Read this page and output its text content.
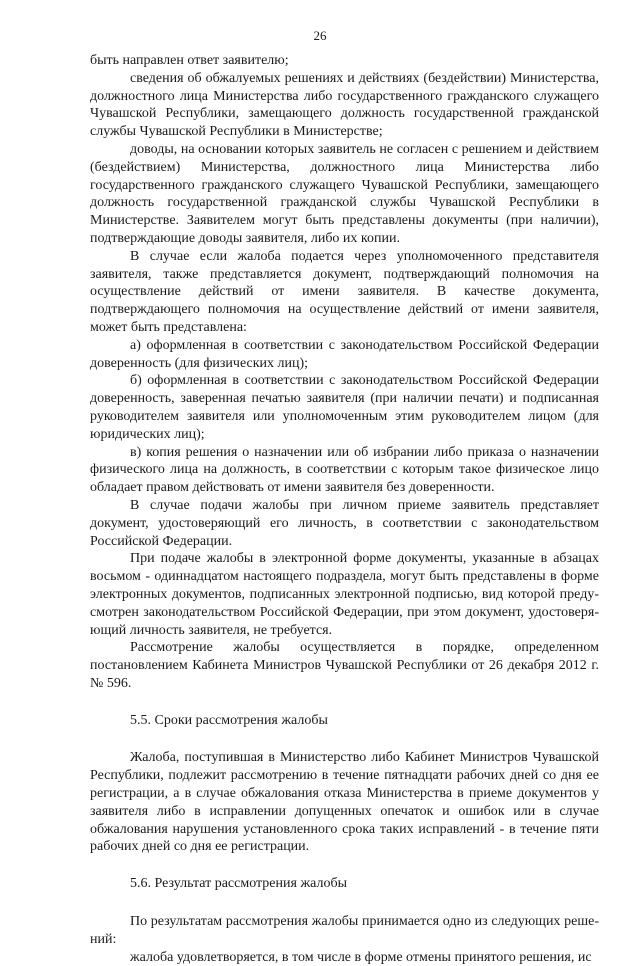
26

быть направлен ответ заявителю;

сведения об обжалуемых решениях и действиях (бездействии) Министерства, должностного лица Министерства либо государственного гражданского служащего Чувашской Республики, замещающего должность государственной гражданской службы Чувашской Республики в Министерстве;

доводы, на основании которых заявитель не согласен с решением и действием (бездействием) Министерства, должностного лица Министерства либо государственного гражданского служащего Чувашской Республики, замещающего должность государственной гражданской службы Чувашской Республики в Министерстве. Заявителем могут быть представлены документы (при наличии), подтверждающие доводы заявителя, либо их копии.

В случае если жалоба подается через уполномоченного представителя заявителя, также представляется документ, подтверждающий полномочия на осуществление действий от имени заявителя. В качестве документа, подтверждающего полномочия на осуществление действий от имени заявителя, может быть представлена:

а) оформленная в соответствии с законодательством Российской Федерации доверенность (для физических лиц);

б) оформленная в соответствии с законодательством Российской Федерации доверенность, заверенная печатью заявителя (при наличии печати) и подписанная руководителем заявителя или уполномоченным этим руководителем лицом (для юридических лиц);

в) копия решения о назначении или об избрании либо приказа о назначении физического лица на должность, в соответствии с которым такое физическое лицо обладает правом действовать от имени заявителя без доверенности.

В случае подачи жалобы при личном приеме заявитель представляет документ, удостоверяющий его личность, в соответствии с законодательством Российской Федерации.

При подаче жалобы в электронной форме документы, указанные в абзацах восьмом - одиннадцатом настоящего подраздела, могут быть представлены в форме электронных документов, подписанных электронной подписью, вид которой предусмотрен законодательством Российской Федерации, при этом документ, удостоверяющий личность заявителя, не требуется.

Рассмотрение жалобы осуществляется в порядке, определенном постановлением Кабинета Министров Чувашской Республики от 26 декабря 2012 г. № 596.

5.5. Сроки рассмотрения жалобы

Жалоба, поступившая в Министерство либо Кабинет Министров Чувашской Республики, подлежит рассмотрению в течение пятнадцати рабочих дней со дня ее регистрации, а в случае обжалования отказа Министерства в приеме документов у заявителя либо в исправлении допущенных опечаток и ошибок или в случае обжалования нарушения установленного срока таких исправлений - в течение пяти рабочих дней со дня ее регистрации.

5.6. Результат рассмотрения жалобы

По результатам рассмотрения жалобы принимается одно из следующих решений:

жалоба удовлетворяется, в том числе в форме отмены принятого решения, ис
